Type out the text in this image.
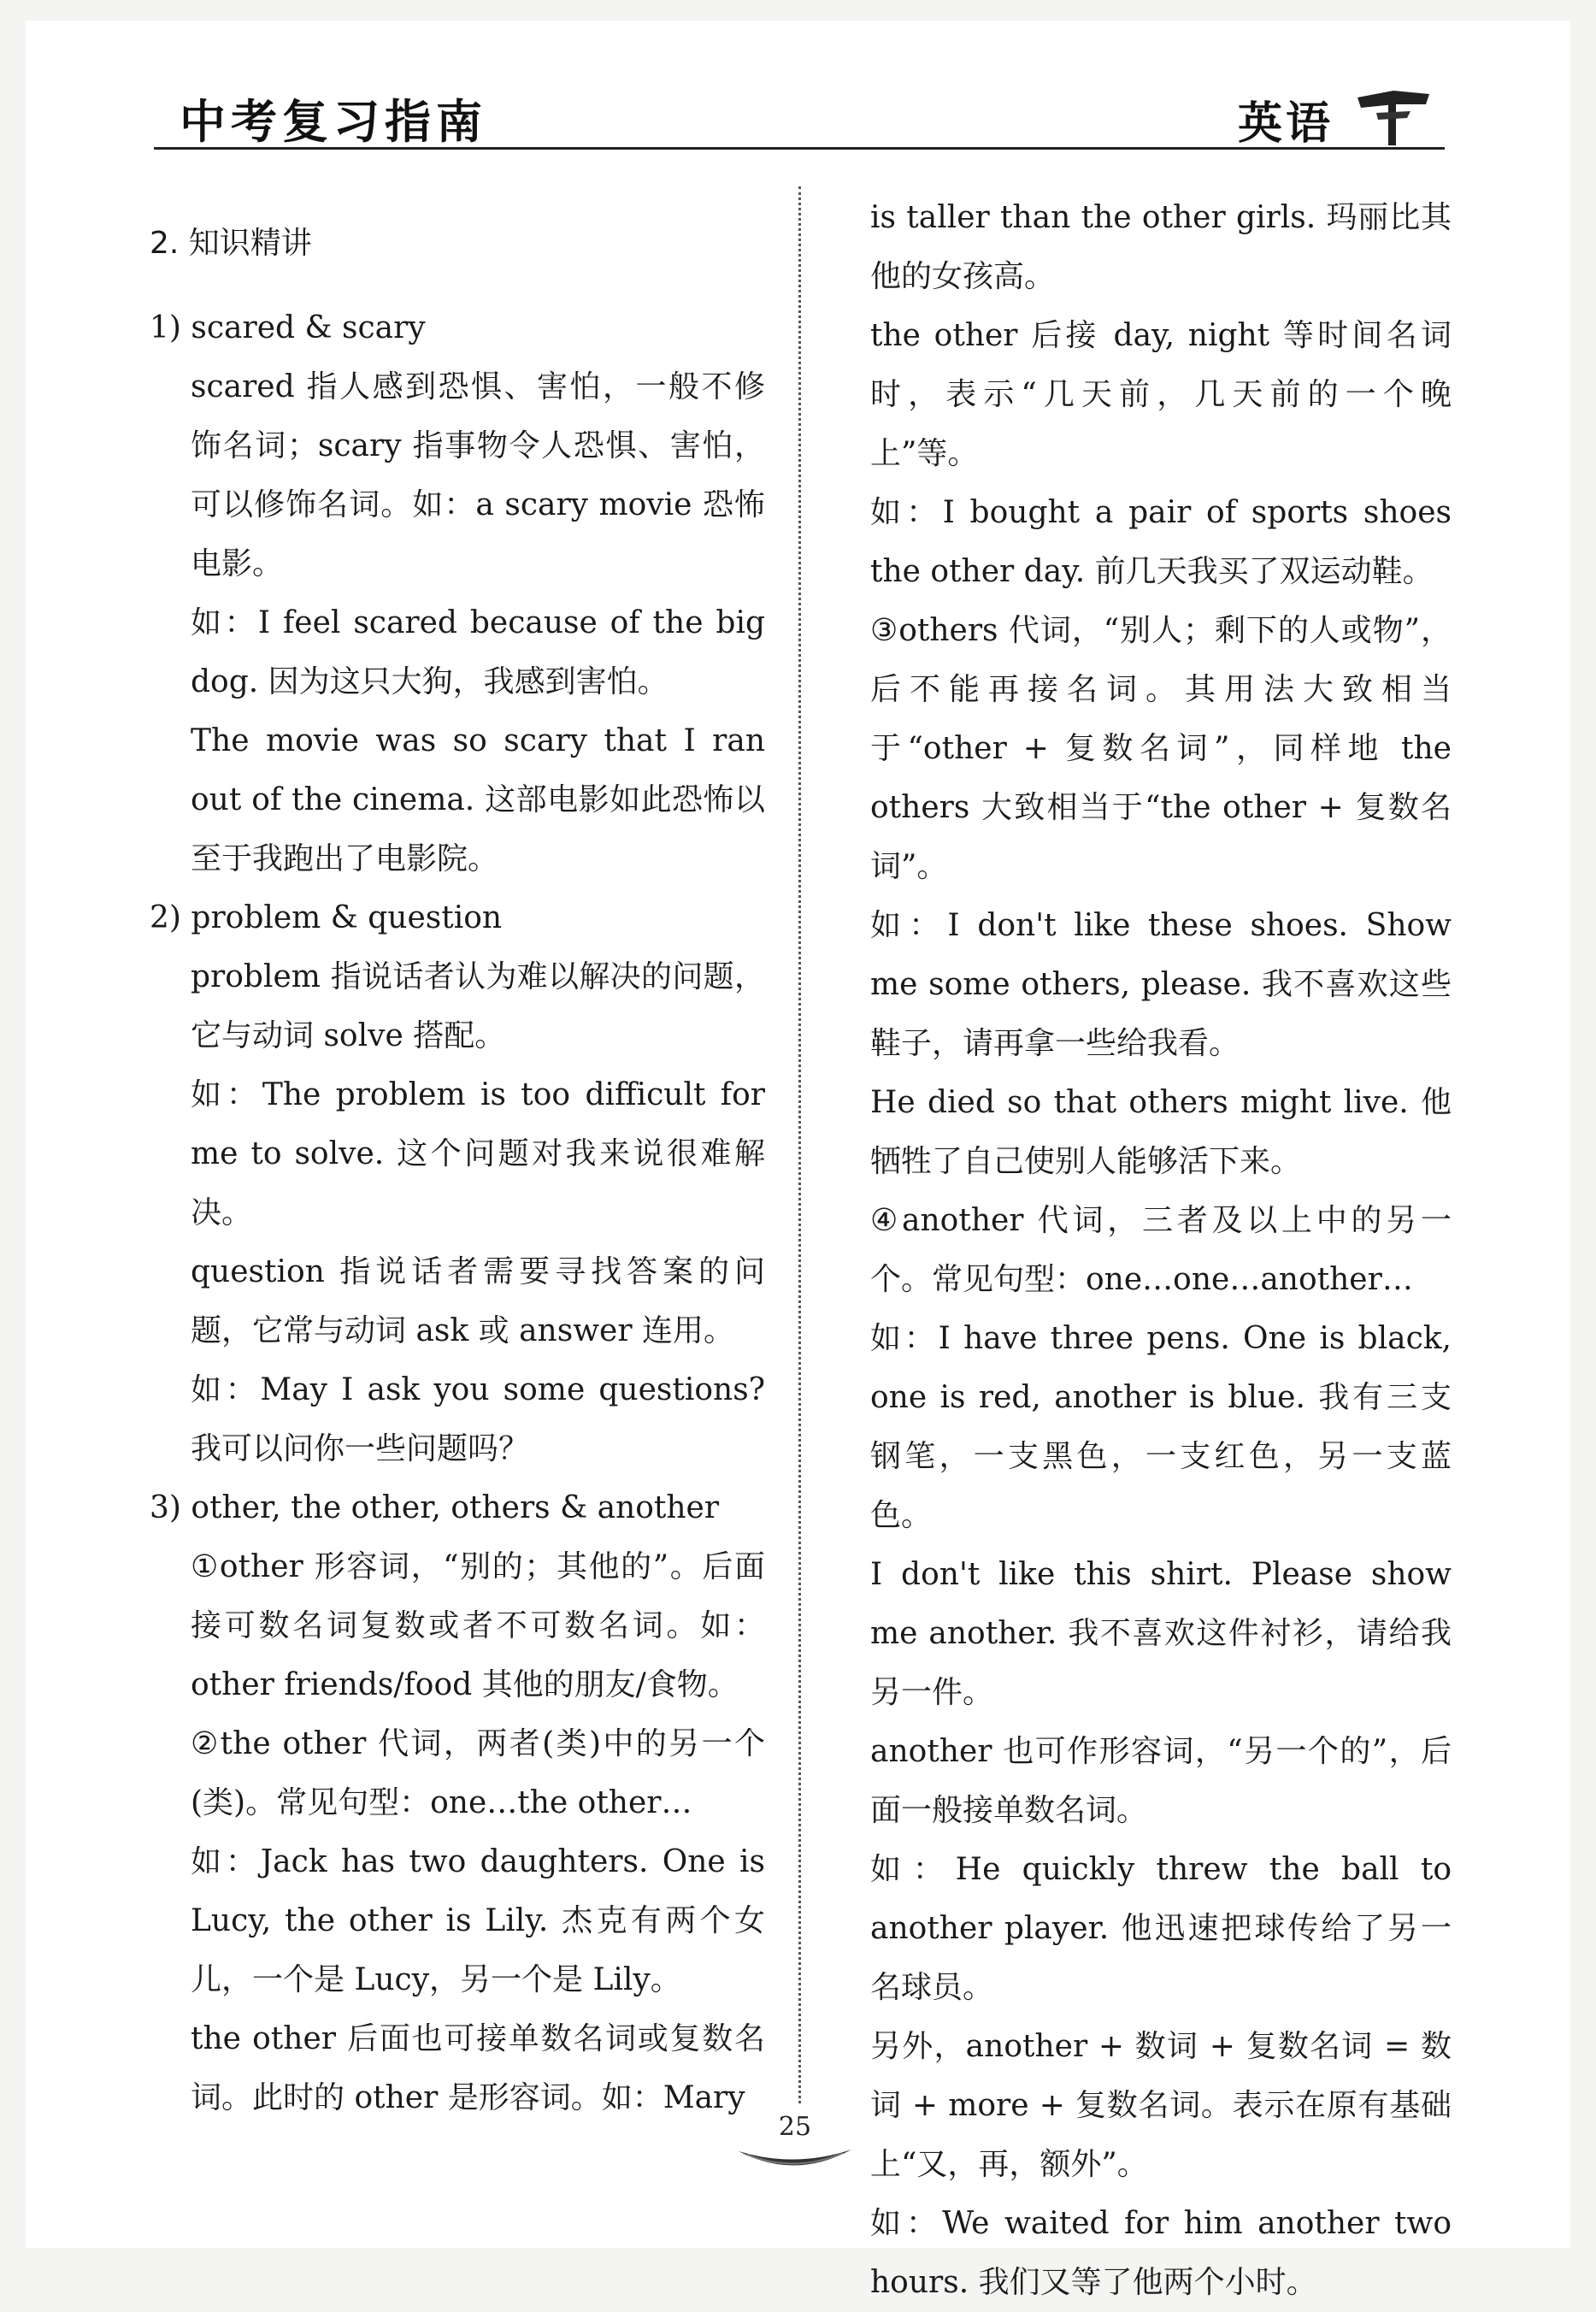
中考复习指南	英语
2. 知识精讲
1) scared & scary

scared 指人感到恐惧、害怕，一般不修饰名词；scary 指事物令人恐惧、害怕，可以修饰名词。如：a scary movie 恐怖电影。

如：I feel scared because of the big dog. 因为这只大狗，我感到害怕。

The movie was so scary that I ran out of the cinema. 这部电影如此恐怖以至于我跑出了电影院。

2) problem & question

problem 指说话者认为难以解决的问题，它与动词 solve 搭配。

如：The problem is too difficult for me to solve. 这个问题对我来说很难解决。

question 指说话者需要寻找答案的问题，它常与动词 ask 或 answer 连用。

如：May I ask you some questions? 我可以问你一些问题吗？

3) other, the other, others & another

①other 形容词，“别的；其他的”。后面接可数名词复数或者不可数名词。如：other friends/food 其他的朋友/食物。

②the other 代词，两者(类)中的另一个(类)。常见句型：one…the other…

如：Jack has two daughters. One is Lucy, the other is Lily. 杰克有两个女儿，一个是 Lucy，另一个是 Lily。

the other 后面也可接单数名词或复数名词。此时的 other 是形容词。如：Mary

is taller than the other girls. 玛丽比其他的女孩高。

the other 后接 day, night 等时间名词时，表示“几天前，几天前的一个晚上”等。

如：I bought a pair of sports shoes the other day. 前几天我买了双运动鞋。

③others 代词，“别人；剩下的人或物”，后不能再接名词。其用法大致相当于“other + 复数名词”，同样地 the others 大致相当于“the other + 复数名词”。

如：I don't like these shoes. Show me some others, please. 我不喜欢这些鞋子，请再拿一些给我看。

He died so that others might live. 他牺牲了自己使别人能够活下来。

④another 代词，三者及以上中的另一个。常见句型：one…one…another…

如：I have three pens. One is black, one is red, another is blue. 我有三支钢笔，一支黑色，一支红色，另一支蓝色。

I don't like this shirt. Please show me another. 我不喜欢这件衬衫，请给我另一件。

another 也可作形容词，“另一个的”，后面一般接单数名词。

如：He quickly threw the ball to another player. 他迅速把球传给了另一名球员。

另外，another + 数词 + 复数名词 = 数词 + more + 复数名词。表示在原有基础上“又，再，额外”。

如：We waited for him another two hours. 我们又等了他两个小时。

25
